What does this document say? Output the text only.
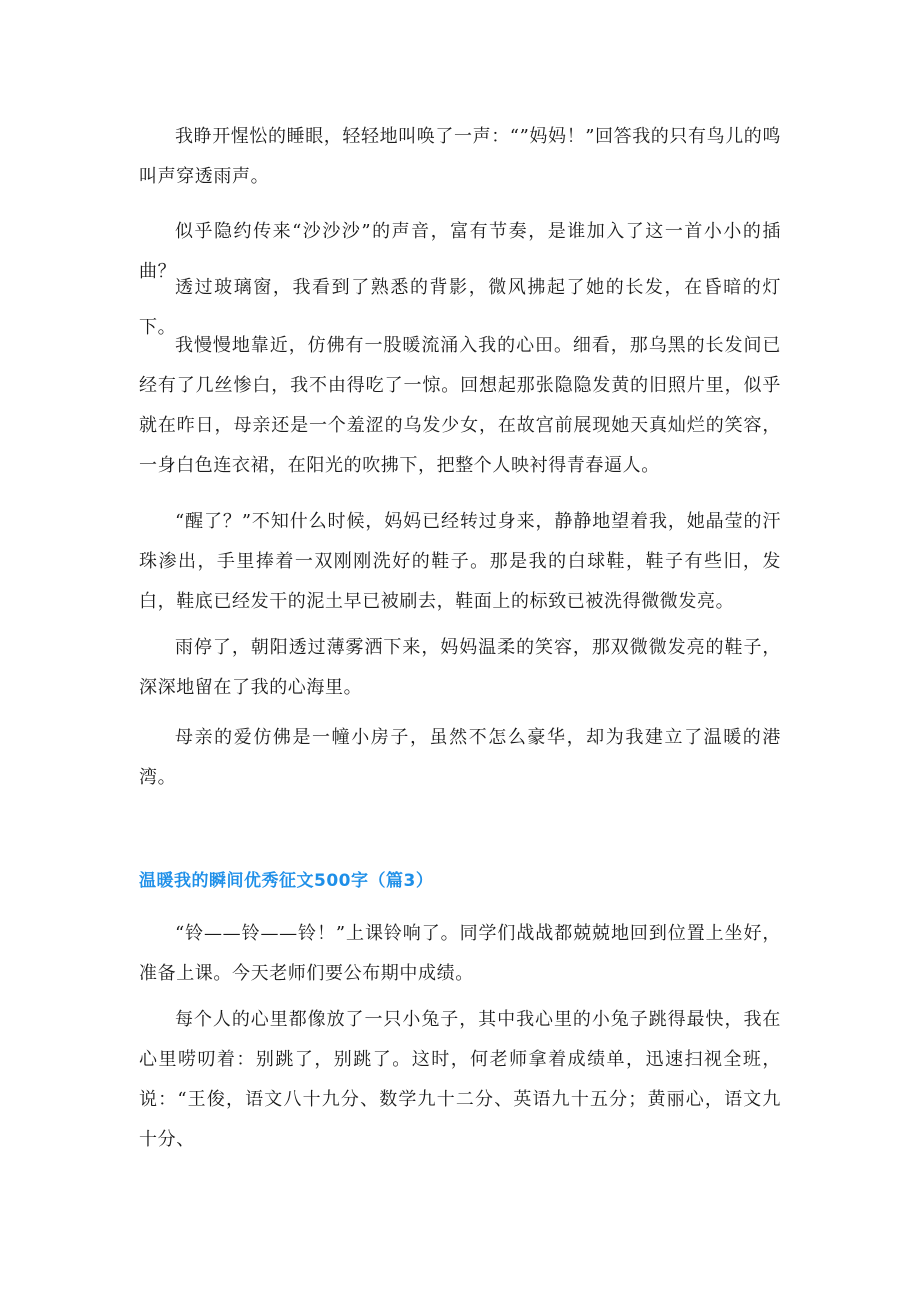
我睁开惺忪的睡眼，轻轻地叫唤了一声：“”妈妈！”回答我的只有鸟儿的鸣叫声穿透雨声。

似乎隐约传来“沙沙沙”的声音，富有节奏，是谁加入了这一首小小的插曲？

透过玻璃窗，我看到了熟悉的背影，微风拂起了她的长发，在昏暗的灯下。

我慢慢地靠近，仿佛有一股暖流涌入我的心田。细看，那乌黑的长发间已经有了几丝惨白，我不由得吃了一惊。回想起那张隐隐发黄的旧照片里，似乎就在昨日，母亲还是一个羞涩的乌发少女，在故宫前展现她天真灿烂的笑容，一身白色连衣裙，在阳光的吹拂下，把整个人映衬得青春逼人。

“醒了？”不知什么时候，妈妈已经转过身来，静静地望着我，她晶莹的汗珠渗出，手里捧着一双刚刚洗好的鞋子。那是我的白球鞋，鞋子有些旧，发白，鞋底已经发干的泥土早已被刷去，鞋面上的标致已被洗得微微发亮。

雨停了，朝阳透过薄雾洒下来，妈妈温柔的笑容，那双微微发亮的鞋子，深深地留在了我的心海里。

母亲的爱仿佛是一幢小房子，虽然不怎么豪华，却为我建立了温暖的港湾。

温暖我的瞬间优秀征文500字（篇3）

“铃——铃——铃！”上课铃响了。同学们战战都兢兢地回到位置上坐好，准备上课。今天老师们要公布期中成绩。

每个人的心里都像放了一只小兔子，其中我心里的小兔子跳得最快，我在心里唠叨着：别跳了，别跳了。这时，何老师拿着成绩单，迅速扫视全班，说：“王俊，语文八十九分、数学九十二分、英语九十五分；黄丽心，语文九十分、
